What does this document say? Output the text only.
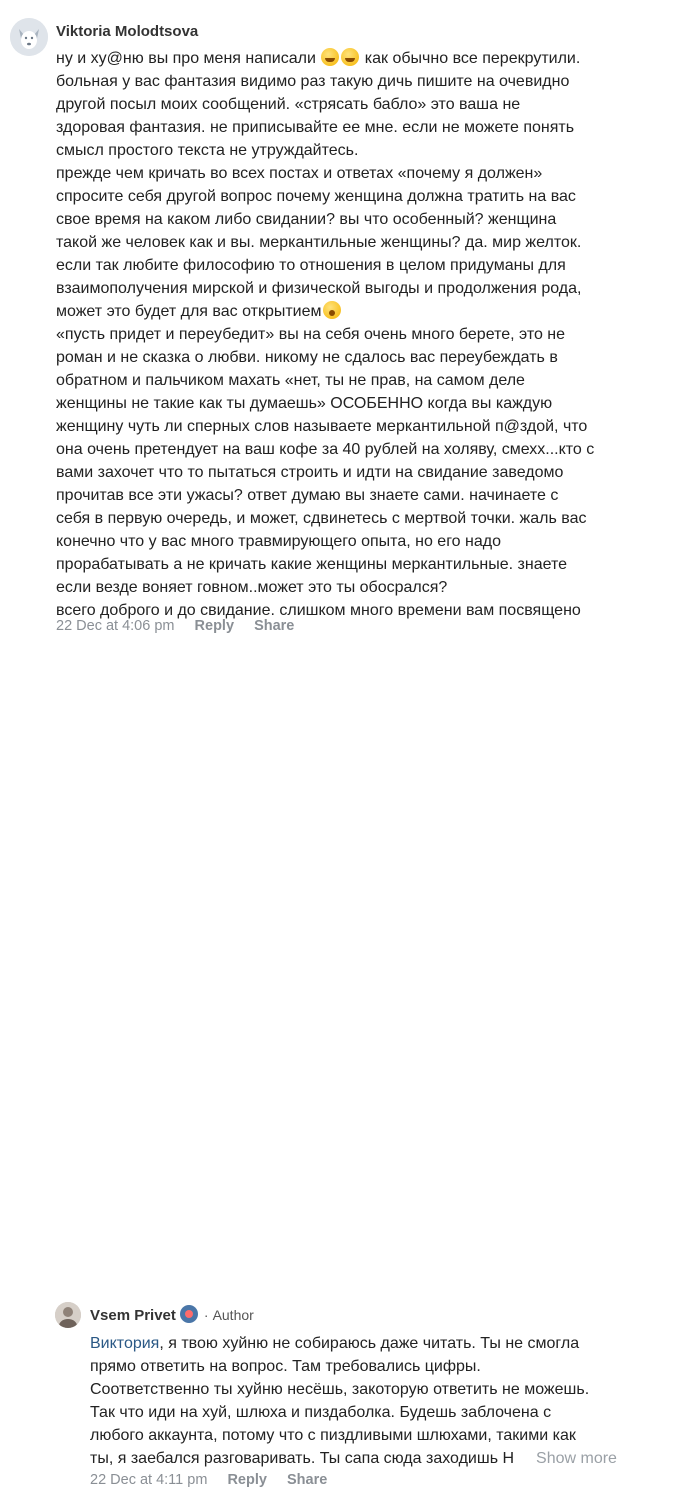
Viktoria Molodtsova
ну и ху@ню вы про меня написали	как обычно все перекрутили.
больная у вас фантазия видимо раз такую дичь пишите на очевидно
другой посыл моих сообщений. «стрясать бабло» это ваша не
здоровая фантазия. не приписывайте ее мне. если не можете понять
смысл простого текста не утруждайтесь.
прежде чем кричать во всех постах и ответах «почему я должен»
спросите себя другой вопрос почему женщина должна тратить на вас
свое время на каком либо свидании? вы что особенный? женщина
такой же человек как и вы. меркантильные женщины? да. мир желток.
если так любите философию то отношения в целом придуманы для
взаимополучения мирской и физической выгоды и продолжения рода,
может это будет для вас открытием
«пусть придет и переубедит» вы на себя очень много берете, это не
роман и не сказка о любви. никому не сдалось вас переубеждать в
обратном и пальчиком махать «нет, ты не прав, на самом деле
женщины не такие как ты думаешь» ОСОБЕННО когда вы каждую
женщину чуть ли сперных слов называете меркантильной п@здой, что
она очень претендует на ваш кофе за 40 рублей на холяву, смехх...кто с
вами захочет что то пытаться строить и идти на свидание заведомо
прочитав все эти ужасы? ответ думаю вы знаете сами. начинаете с
себя в первую очередь, и может, сдвинетесь с мертвой точки. жаль вас
конечно что у вас много травмирующего опыта, но его надо
прорабатывать а не кричать какие женщины меркантильные. знаете
если везде воняет говном..может это ты обосрался?
всего доброго и до свидание. слишком много времени вам посвящено
22 Dec at 4:06 pm Reply Share
Vsem Privet · Author
Виктория, я твою хуйню не собираюсь даже читать. Ты не смогла
прямо ответить на вопрос. Там требовались цифры.
Соответственно ты хуйню несёшь, закоторую ответить не можешь.
Так что иди на хуй, шлюха и пиздаболка. Будешь заблочена с
любого аккаунта, потому что с пиздливыми шлюхами, такими как
ты, я заебался разговаривать. Ты сапа сюда заходишь Н Show more
22 Dec at 4:11 pm Reply Share
